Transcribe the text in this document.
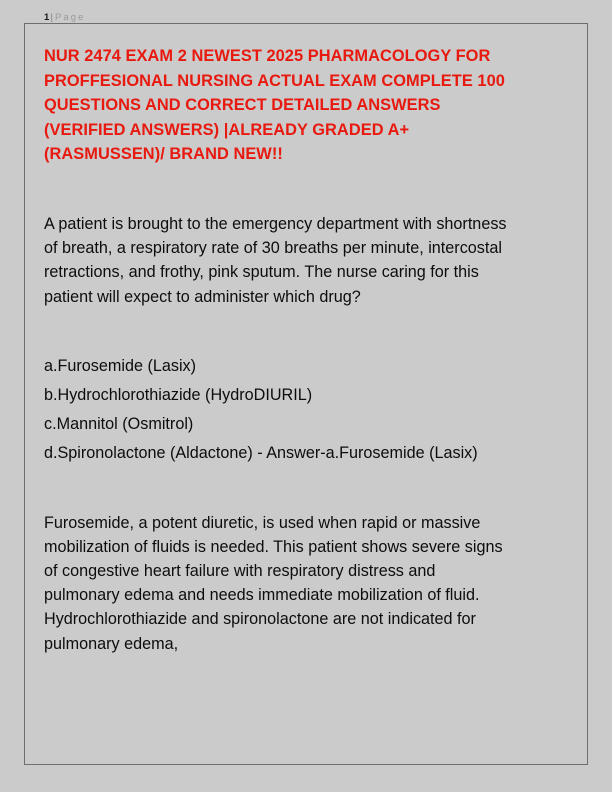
1| Page
NUR 2474 EXAM 2 NEWEST 2025 PHARMACOLOGY FOR PROFFESIONAL NURSING ACTUAL EXAM COMPLETE 100 QUESTIONS AND CORRECT DETAILED ANSWERS (VERIFIED ANSWERS) |ALREADY GRADED A+(RASMUSSEN)/ BRAND NEW!!

A patient is brought to the emergency department with shortness of breath, a respiratory rate of 30 breaths per minute, intercostal retractions, and frothy, pink sputum. The nurse caring for this patient will expect to administer which drug?

a.Furosemide (Lasix)
b.Hydrochlorothiazide (HydroDIURIL)
c.Mannitol (Osmitrol)
d.Spironolactone (Aldactone) - Answer-a.Furosemide (Lasix)

Furosemide, a potent diuretic, is used when rapid or massive mobilization of fluids is needed. This patient shows severe signs of congestive heart failure with respiratory distress and pulmonary edema and needs immediate mobilization of fluid. Hydrochlorothiazide and spironolactone are not indicated for pulmonary edema,
